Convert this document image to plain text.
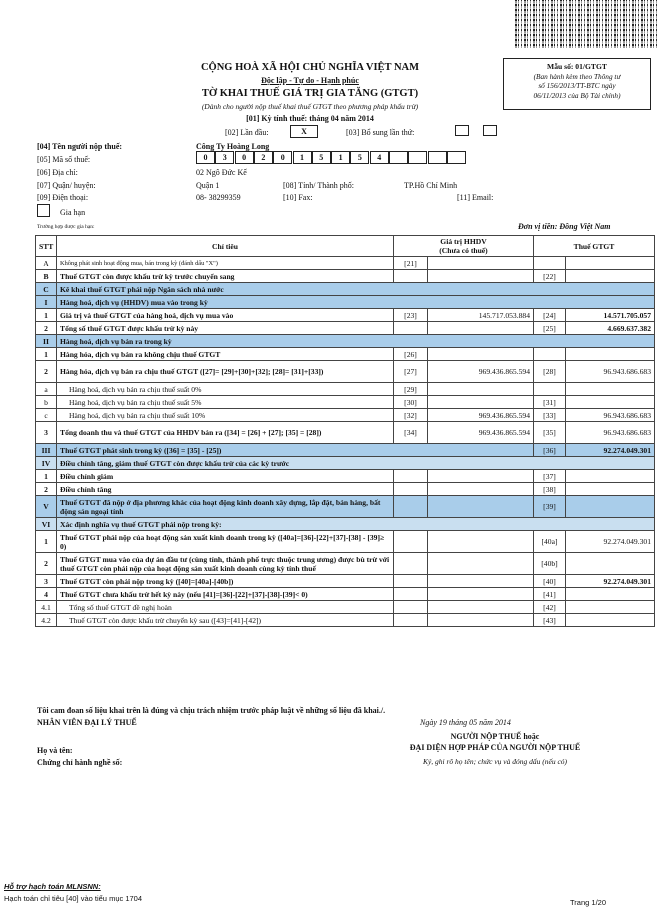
Mẫu số: 01/GTGT
(Ban hành kèm theo Thông tư
số 156/2013/TT-BTC ngày
06/11/2013 của Bộ Tài chính)
CỘNG HOÀ XÃ HỘI CHỦ NGHĨA VIỆT NAM
Độc lập - Tự do - Hạnh phúc
TỜ KHAI THUẾ GIÁ TRỊ GIA TĂNG (GTGT)
(Dành cho người nộp thuế khai thuế GTGT theo phương pháp khấu trừ)
[01] Kỳ tính thuế: tháng 04 năm 2014
[02] Lần đầu:	X	[03] Bổ sung lần thứ:
[04] Tên người nộp thuế:	Công Ty Hoàng Long
[05] Mã số thuế:	0	3	0	2	0	1	5	1	5	4
[06] Địa chỉ:	02 Ngô Đức Kế
[07] Quận/ huyện:	Quận 1	[08] Tỉnh/ Thành phố:	TP.Hồ Chí Minh
[09] Điện thoại:	08- 38299359	[10] Fax:	[11] Email:
Gia hạn
Trường hợp được gia hạn:	Đơn vị tiền: Đồng Việt Nam
STT	Chỉ tiêu	Giá trị HHDV
(Chưa có thuế)		Thuế GTGT	
A	Không phát sinh hoạt động mua, bán trong kỳ (đánh dấu "X")	[21]			
B	Thuế GTGT còn được khấu trừ kỳ trước chuyển sang			[22]	
C	Kê khai thuế GTGT phải nộp Ngân sách nhà nước				
I	Hàng hoá, dịch vụ (HHDV) mua vào trong kỳ				
1	Giá trị và thuế GTGT của hàng hoá, dịch vụ mua vào	[23]	145.717.053.884	[24]	14.571.705.057
2	Tổng số thuế GTGT được khấu trừ kỳ này			[25]	4.669.637.382
II	Hàng hoá, dịch vụ bán ra trong kỳ				
1	Hàng hóa, dịch vụ bán ra không chịu thuế GTGT	[26]			
2	Hàng hóa, dịch vụ bán ra chịu thuế GTGT ([27]= [29]+[30]+[32]; [28]= [31]+[33])	[27]	969.436.865.594	[28]	96.943.686.683
a	Hàng hoá, dịch vụ bán ra chịu thuế suất 0%	[29]			
b	Hàng hoá, dịch vụ bán ra chịu thuế suất 5%	[30]		[31]	
c	Hàng hoá, dịch vụ bán ra chịu thuế suất 10%	[32]	969.436.865.594	[33]	96.943.686.683
3	Tổng doanh thu và thuế GTGT của HHDV bán ra ([34] = [26] + [27]; [35] = [28])	[34]	969.436.865.594	[35]	96.943.686.683
III	Thuế GTGT phát sinh trong kỳ ([36] = [35] - [25])			[36]	92.274.049.301
IV	Điều chỉnh tăng, giảm thuế GTGT còn được khấu trừ của các kỳ trước				
1	Điều chỉnh giảm			[37]	
2	Điều chỉnh tăng			[38]	
V	Thuế GTGT đã nộp ở địa phương khác của hoạt động kinh doanh xây dựng, lắp đặt, bán hàng, bất động sản ngoại tỉnh			[39]	
VI	Xác định nghĩa vụ thuế GTGT phải nộp trong kỳ:				
1	Thuế GTGT phải nộp của hoạt động sản xuất kinh doanh trong kỳ ([40a]=[36]-[22]+[37]-[38] - [39]≥ 0)			[40a]	92.274.049.301
2	Thuế GTGT mua vào của dự án đầu tư (cùng tỉnh, thành phố trực thuộc trung ương) được bù trừ với thuế GTGT còn phải nộp của hoạt động sản xuất kinh doanh cùng kỳ tính thuế			[40b]	
3	Thuế GTGT còn phải nộp trong kỳ ([40]=[40a]-[40b])			[40]	92.274.049.301
4	Thuế GTGT chưa khấu trừ hết kỳ này (nếu [41]=[36]-[22]+[37]-[38]-[39]< 0)			[41]	
4.1	Tổng số thuế GTGT đề nghị hoàn			[42]	
4.2	Thuế GTGT còn được khấu trừ chuyển kỳ sau ([43]=[41]-[42])			[43]	
Tôi cam đoan số liệu khai trên là đúng và chịu trách nhiệm trước pháp luật về những số liệu đã khai./.
NHÂN VIÊN ĐẠI LÝ THUẾ	Ngày 19 tháng 05 năm 2014
NGƯỜI NỘP THUẾ hoặc
ĐẠI DIỆN HỢP PHÁP CỦA NGƯỜI NỘP THUẾ
Ký, ghi rõ họ tên; chức vụ và đóng dấu (nếu có)
Họ và tên:
Chứng chỉ hành nghề số:
Hỗ trợ hạch toán MLNSNN:
Hạch toán chỉ tiêu [40] vào tiểu mục 1704	Trang 1/20
